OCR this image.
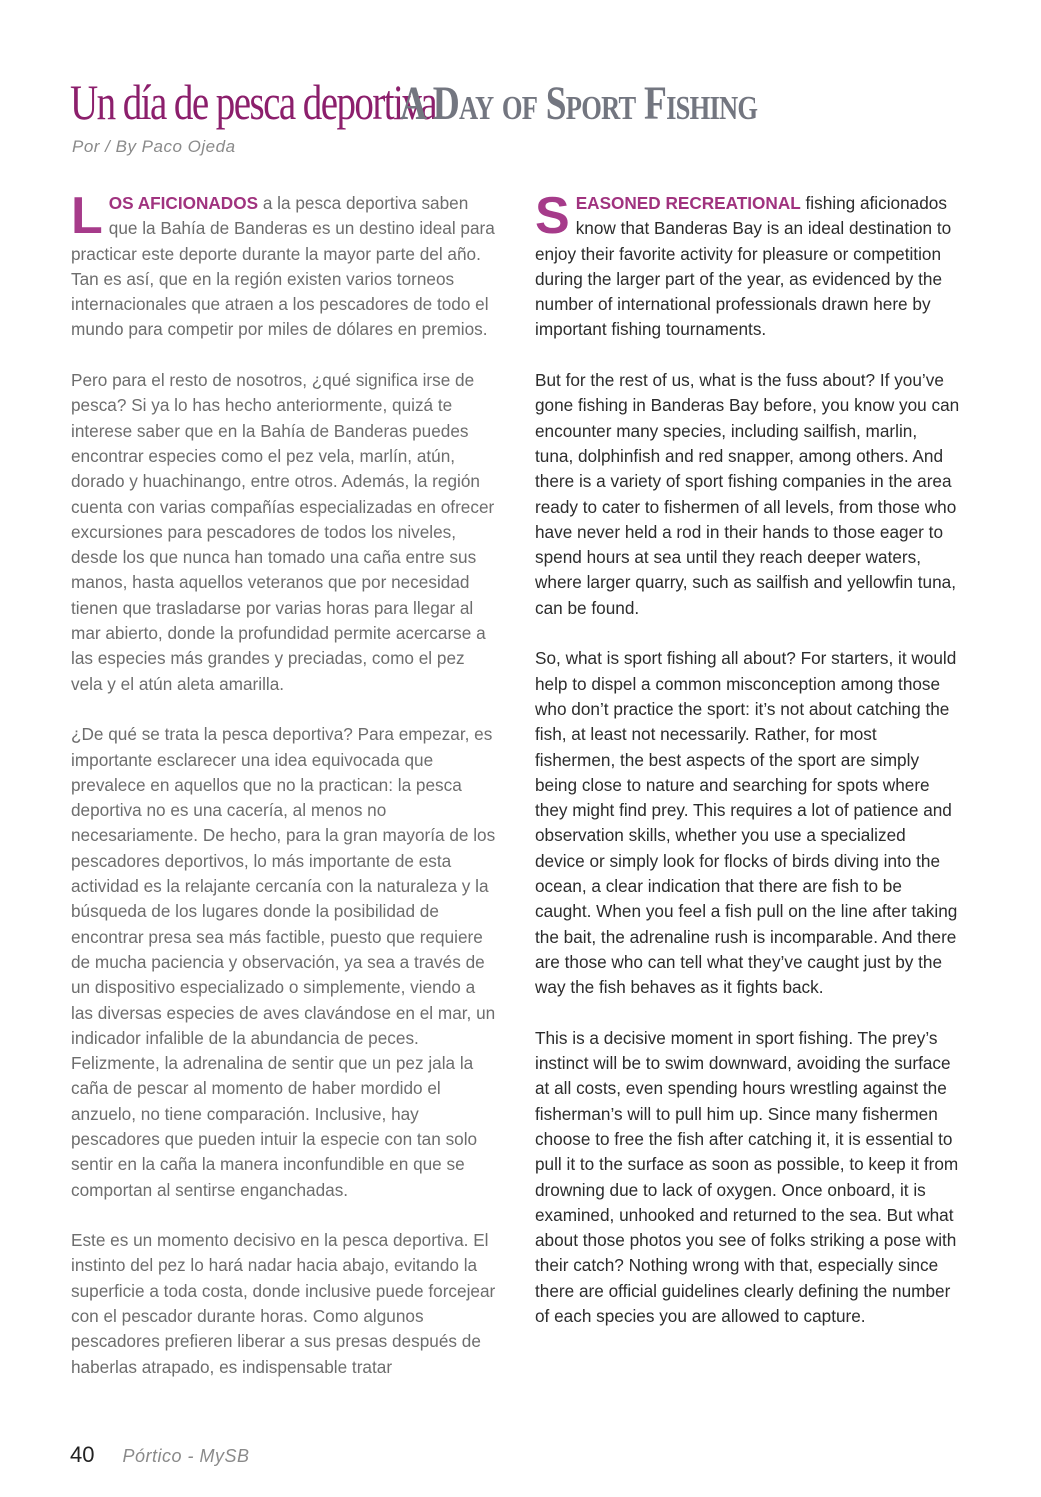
Un día de pesca deportivaA Day of Sport Fishing
Por / By Paco Ojeda

LOS AFICIONADOS a la pesca deportiva saben que la Bahía de Banderas es un destino ideal para practicar este deporte durante la mayor parte del año. Tan es así, que en la región existen varios torneos internacionales que atraen a los pescadores de todo el mundo para competir por miles de dólares en premios.

Pero para el resto de nosotros, ¿qué significa irse de pesca? Si ya lo has hecho anteriormente, quizá te interese saber que en la Bahía de Banderas puedes encontrar especies como el pez vela, marlín, atún, dorado y huachinango, entre otros. Además, la región cuenta con varias compañías especializadas en ofrecer excursiones para pescadores de todos los niveles, desde los que nunca han tomado una caña entre sus manos, hasta aquellos veteranos que por necesidad tienen que trasladarse por varias horas para llegar al mar abierto, donde la profundidad permite acercarse a las especies más grandes y preciadas, como el pez vela y el atún aleta amarilla.

¿De qué se trata la pesca deportiva? Para empezar, es importante esclarecer una idea equivocada que prevalece en aquellos que no la practican: la pesca deportiva no es una cacería, al menos no necesariamente. De hecho, para la gran mayoría de los pescadores deportivos, lo más importante de esta actividad es la relajante cercanía con la naturaleza y la búsqueda de los lugares donde la posibilidad de encontrar presa sea más factible, puesto que requiere de mucha paciencia y observación, ya sea a través de un dispositivo especializado o simplemente, viendo a las diversas especies de aves clavándose en el mar, un indicador infalible de la abundancia de peces. Felizmente, la adrenalina de sentir que un pez jala la caña de pescar al momento de haber mordido el anzuelo, no tiene comparación. Inclusive, hay pescadores que pueden intuir la especie con tan solo sentir en la caña la manera inconfundible en que se comportan al sentirse enganchadas.

Este es un momento decisivo en la pesca deportiva. El instinto del pez lo hará nadar hacia abajo, evitando la superficie a toda costa, donde inclusive puede forcejear con el pescador durante horas. Como algunos pescadores prefieren liberar a sus presas después de haberlas atrapado, es indispensable tratar

SEASONED RECREATIONAL fishing aficionados know that Banderas Bay is an ideal destination to enjoy their favorite activity for pleasure or competition during the larger part of the year, as evidenced by the number of international professionals drawn here by important fishing tournaments.

But for the rest of us, what is the fuss about? If you’ve gone fishing in Banderas Bay before, you know you can encounter many species, including sailfish, marlin, tuna, dolphinfish and red snapper, among others. And there is a variety of sport fishing companies in the area ready to cater to fishermen of all levels, from those who have never held a rod in their hands to those eager to spend hours at sea until they reach deeper waters, where larger quarry, such as sailfish and yellowfin tuna, can be found.

So, what is sport fishing all about? For starters, it would help to dispel a common misconception among those who don’t practice the sport: it’s not about catching the fish, at least not necessarily. Rather, for most fishermen, the best aspects of the sport are simply being close to nature and searching for spots where they might find prey. This requires a lot of patience and observation skills, whether you use a specialized device or simply look for flocks of birds diving into the ocean, a clear indication that there are fish to be caught. When you feel a fish pull on the line after taking the bait, the adrenaline rush is incomparable. And there are those who can tell what they’ve caught just by the way the fish behaves as it fights back.

This is a decisive moment in sport fishing. The prey’s instinct will be to swim downward, avoiding the surface at all costs, even spending hours wrestling against the fisherman’s will to pull him up. Since many fishermen choose to free the fish after catching it, it is essential to pull it to the surface as soon as possible, to keep it from drowning due to lack of oxygen. Once onboard, it is examined, unhooked and returned to the sea. But what about those photos you see of folks striking a pose with their catch? Nothing wrong with that, especially since there are official guidelines clearly defining the number of each species you are allowed to capture.

40 Pórtico - MySB
